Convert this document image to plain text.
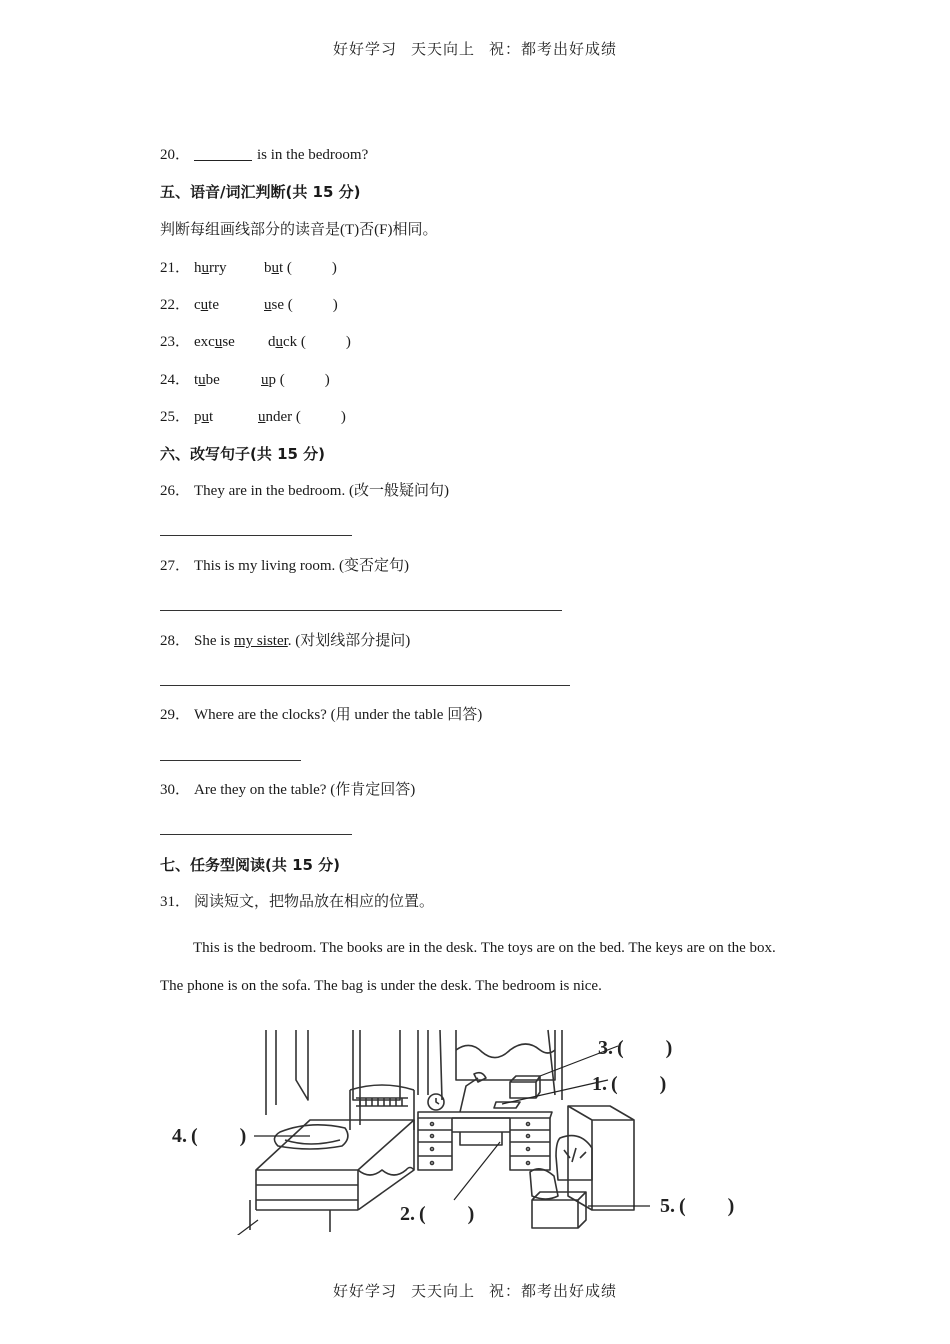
好好学习 天天向上 祝：都考出好成绩
20．	is in the bedroom?
五、语音/词汇判断(共 15 分)
判断每组画线部分的读音是(T)否(F)相同。
21． hurry	but (	)
22． cute	use (	)
23． excuse duck (	)
24． tube	up (	)
25． put	under (	)
六、改写句子(共 15 分)
26． They are in the bedroom. (改一般疑问句)
27． This is my living room. (变否定句)
28． She is my sister. (对划线部分提问)
29． Where are the clocks? (用 under the table 回答)
30． Are they on the table? (作肯定回答)
七、任务型阅读(共 15 分)
31． 阅读短文，把物品放在相应的位置。
This is the bedroom. The books are in the desk. The toys are on the bed. The keys are on the box. The phone is on the sofa. The bag is under the desk. The bedroom is nice.
3. ( )
1. ( )
4. ( )
2. ( )	5. ( )
好好学习 天天向上 祝：都考出好成绩
